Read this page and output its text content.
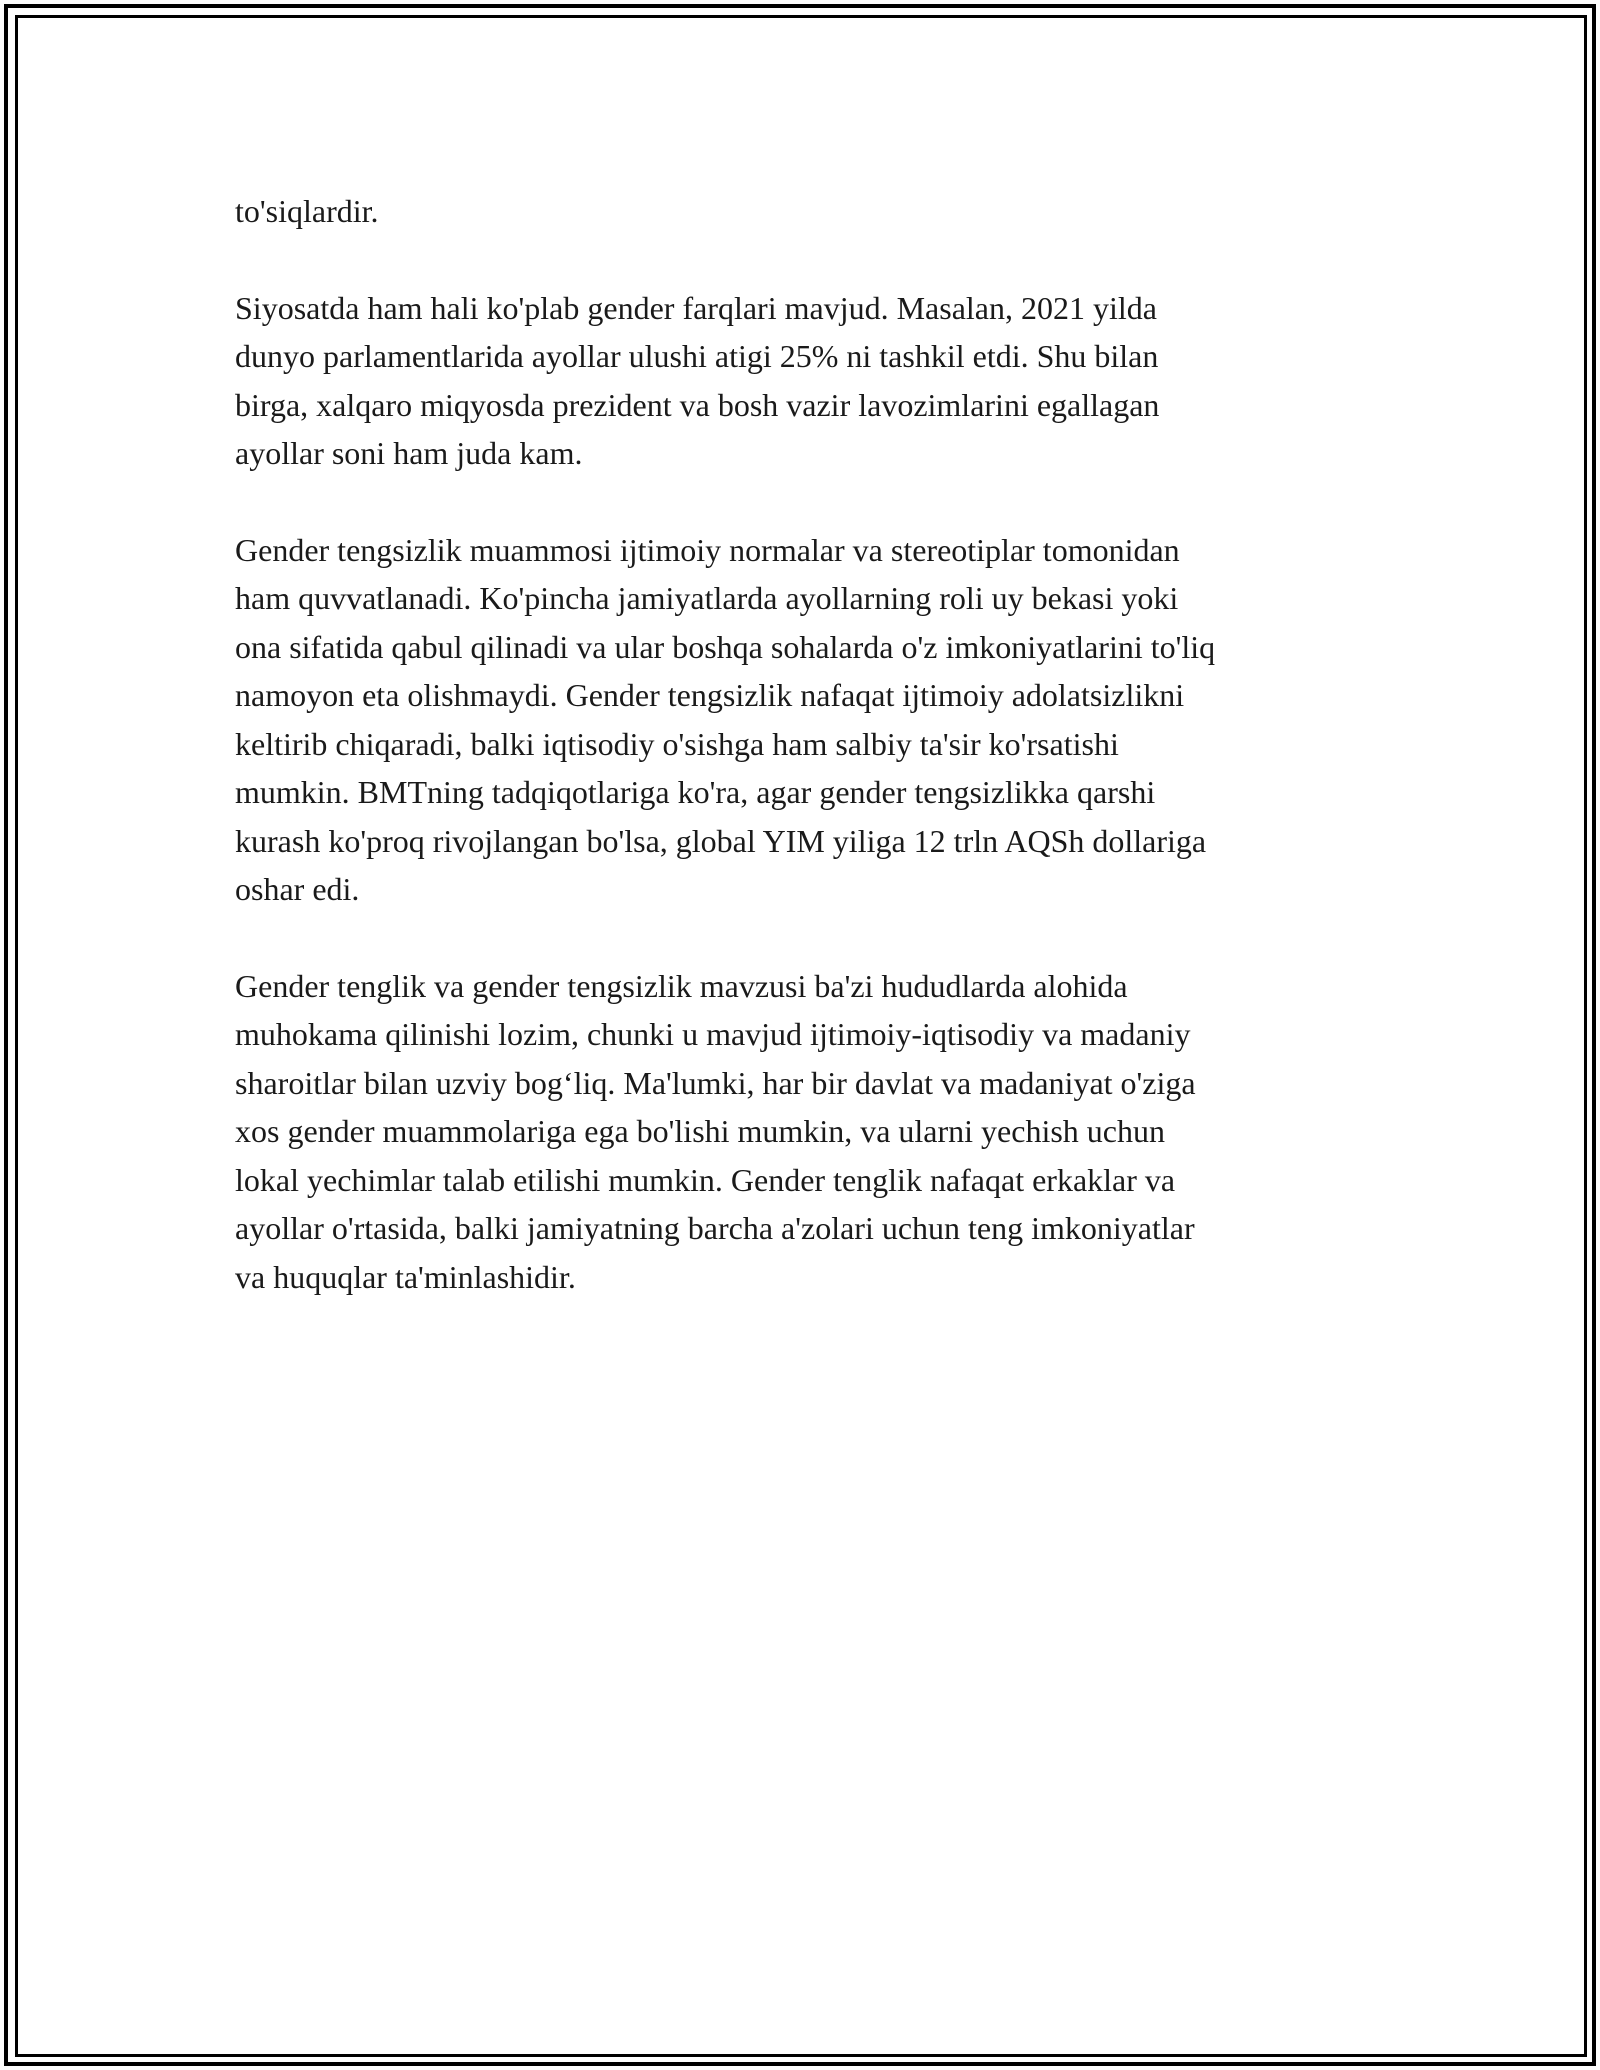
to'siqlardir.

Siyosatda ham hali ko'plab gender farqlari mavjud. Masalan, 2021 yilda
dunyo parlamentlarida ayollar ulushi atigi 25% ni tashkil etdi. Shu bilan
birga, xalqaro miqyosda prezident va bosh vazir lavozimlarini egallagan
ayollar soni ham juda kam.

Gender tengsizlik muammosi ijtimoiy normalar va stereotiplar tomonidan
ham quvvatlanadi. Ko'pincha jamiyatlarda ayollarning roli uy bekasi yoki
ona sifatida qabul qilinadi va ular boshqa sohalarda o'z imkoniyatlarini to'liq
namoyon eta olishmaydi. Gender tengsizlik nafaqat ijtimoiy adolatsizlikni
keltirib chiqaradi, balki iqtisodiy o'sishga ham salbiy ta'sir ko'rsatishi
mumkin. BMTning tadqiqotlariga ko'ra, agar gender tengsizlikka qarshi
kurash ko'proq rivojlangan bo'lsa, global YIM yiliga 12 trln AQSh dollariga
oshar edi.

Gender tenglik va gender tengsizlik mavzusi ba'zi hududlarda alohida
muhokama qilinishi lozim, chunki u mavjud ijtimoiy-iqtisodiy va madaniy
sharoitlar bilan uzviy bog‘liq. Ma'lumki, har bir davlat va madaniyat o'ziga
xos gender muammolariga ega bo'lishi mumkin, va ularni yechish uchun
lokal yechimlar talab etilishi mumkin. Gender tenglik nafaqat erkaklar va
ayollar o'rtasida, balki jamiyatning barcha a'zolari uchun teng imkoniyatlar
va huquqlar ta'minlashidir.
